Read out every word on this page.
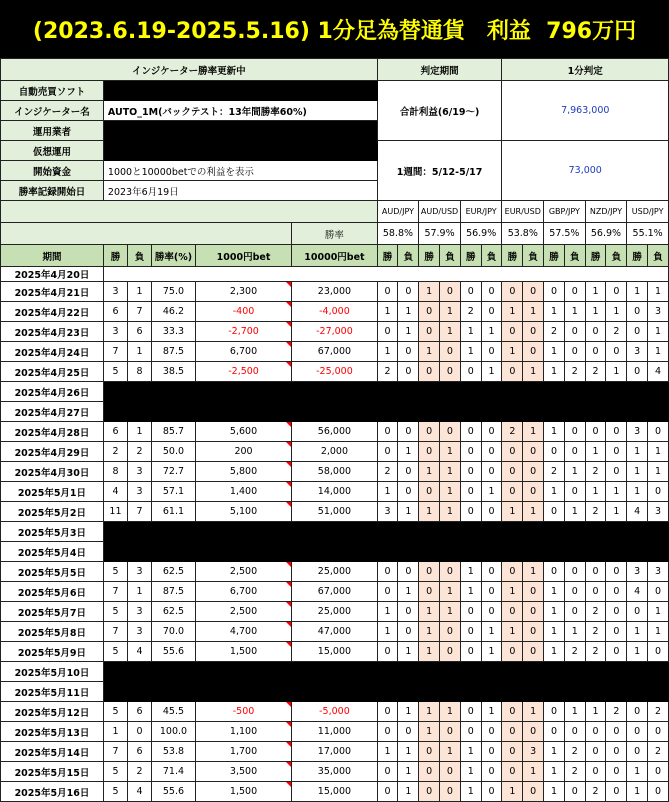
(2023.6.19-2025.5.16) 1分足為替通貨　利益  796万円
インジケーター勝率更新中						判定期間						1分判定							
自動売買ソフト						合計利益(6/19〜)						7,963,000							
インジケーター名	AUTO_1M(バックテスト：13年間勝率60%)																		
運用業者																			
仮想運用						1週間：5/12-5/17						73,000							
開始資金	1000と10000betでの利益を表示																		
勝率記録開始日	2023年6月19日																		
						AUD/JPY		AUD/USD		EUR/JPY		EUR/USD		GBP/JPY		NZD/JPY		USD/JPY	
					勝率	58.8%		57.9%		56.9%		53.8%		57.5%		56.9%		55.1%	
期間	勝	負	勝率(%)	1000円bet	10000円bet	勝	負	勝	負	勝	負	勝	負	勝	負	勝	負	勝	負
2025年4月20日																			
2025年4月21日	3	1	75.0	2,300	23,000	0	0	1	0	0	0	0	0	0	0	1	0	1	1
2025年4月22日	6	7	46.2	-400	-4,000	1	1	0	1	2	0	1	1	1	1	1	1	0	3
2025年4月23日	3	6	33.3	-2,700	-27,000	0	1	0	1	1	1	0	0	2	0	0	2	0	1
2025年4月24日	7	1	87.5	6,700	67,000	1	0	1	0	1	0	1	0	1	0	0	0	3	1
2025年4月25日	5	8	38.5	-2,500	-25,000	2	0	0	0	0	1	0	1	1	2	2	1	0	4
2025年4月26日																			
2025年4月27日																			
2025年4月28日	6	1	85.7	5,600	56,000	0	0	0	0	0	0	2	1	1	0	0	0	3	0
2025年4月29日	2	2	50.0	200	2,000	0	1	0	1	0	0	0	0	0	0	1	0	1	1
2025年4月30日	8	3	72.7	5,800	58,000	2	0	1	1	0	0	0	0	2	1	2	0	1	1
2025年5月1日	4	3	57.1	1,400	14,000	1	0	0	1	0	1	0	0	1	0	1	1	1	0
2025年5月2日	11	7	61.1	5,100	51,000	3	1	1	1	0	0	1	1	0	1	2	1	4	3
2025年5月3日																			
2025年5月4日																			
2025年5月5日	5	3	62.5	2,500	25,000	0	0	0	0	1	0	0	1	0	0	0	0	3	3
2025年5月6日	7	1	87.5	6,700	67,000	0	1	0	1	1	0	1	0	1	0	0	0	4	0
2025年5月7日	5	3	62.5	2,500	25,000	1	0	1	1	0	0	0	0	1	0	2	0	0	1
2025年5月8日	7	3	70.0	4,700	47,000	1	0	1	0	0	1	1	0	1	1	2	0	1	1
2025年5月9日	5	4	55.6	1,500	15,000	0	1	1	0	0	1	0	0	1	2	2	0	1	0
2025年5月10日																			
2025年5月11日																			
2025年5月12日	5	6	45.5	-500	-5,000	0	1	1	1	0	1	0	1	0	1	1	2	0	2
2025年5月13日	1	0	100.0	1,100	11,000	0	0	1	0	0	0	0	0	0	0	0	0	0	0
2025年5月14日	7	6	53.8	1,700	17,000	1	1	0	1	1	0	0	3	1	2	0	0	0	2
2025年5月15日	5	2	71.4	3,500	35,000	0	1	0	0	1	0	0	1	1	2	0	0	1	0
2025年5月16日	5	4	55.6	1,500	15,000	0	1	0	0	1	0	1	0	1	0	2	0	1	0
